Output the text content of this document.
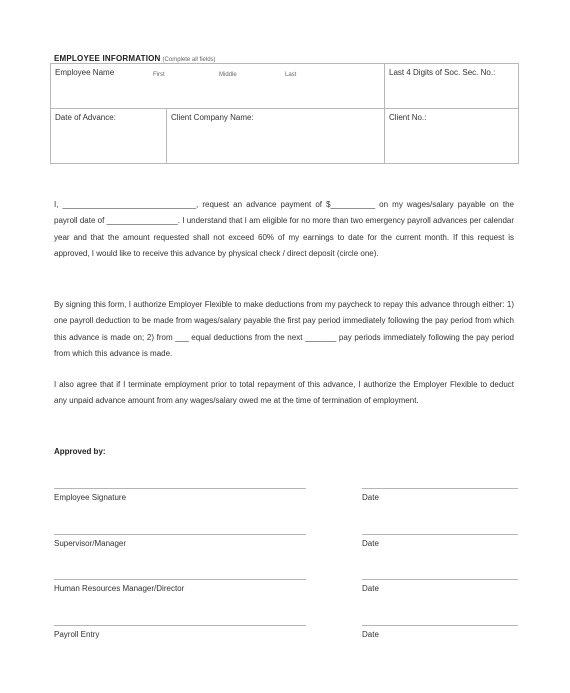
EMPLOYEE INFORMATION (Complete all fields)
Employee Name First Middle Last		Last 4 Digits of Soc. Sec. No.:
Date of Advance:	Client Company Name:	Client No.:
I, ______________________________, request an advance payment of $__________ on my wages/salary payable on the payroll date of ________________. I understand that I am eligible for no more than two emergency payroll advances per calendar year and that the amount requested shall not exceed 60% of my earnings to date for the current month. If this request is approved, I would like to receive this advance by physical check / direct deposit (circle one).
By signing this form, I authorize Employer Flexible to make deductions from my paycheck to repay this advance through either: 1) one payroll deduction to be made from wages/salary payable the first pay period immediately following the pay period from which this advance is made on; 2) from ___ equal deductions from the next _______ pay periods immediately following the pay period from which this advance is made.
I also agree that if I terminate employment prior to total repayment of this advance, I authorize the Employer Flexible to deduct any unpaid advance amount from any wages/salary owed me at the time of termination of employment.
Approved by:
Employee Signature	Date
Supervisor/Manager	Date
Human Resources Manager/Director	Date
Payroll Entry	Date
